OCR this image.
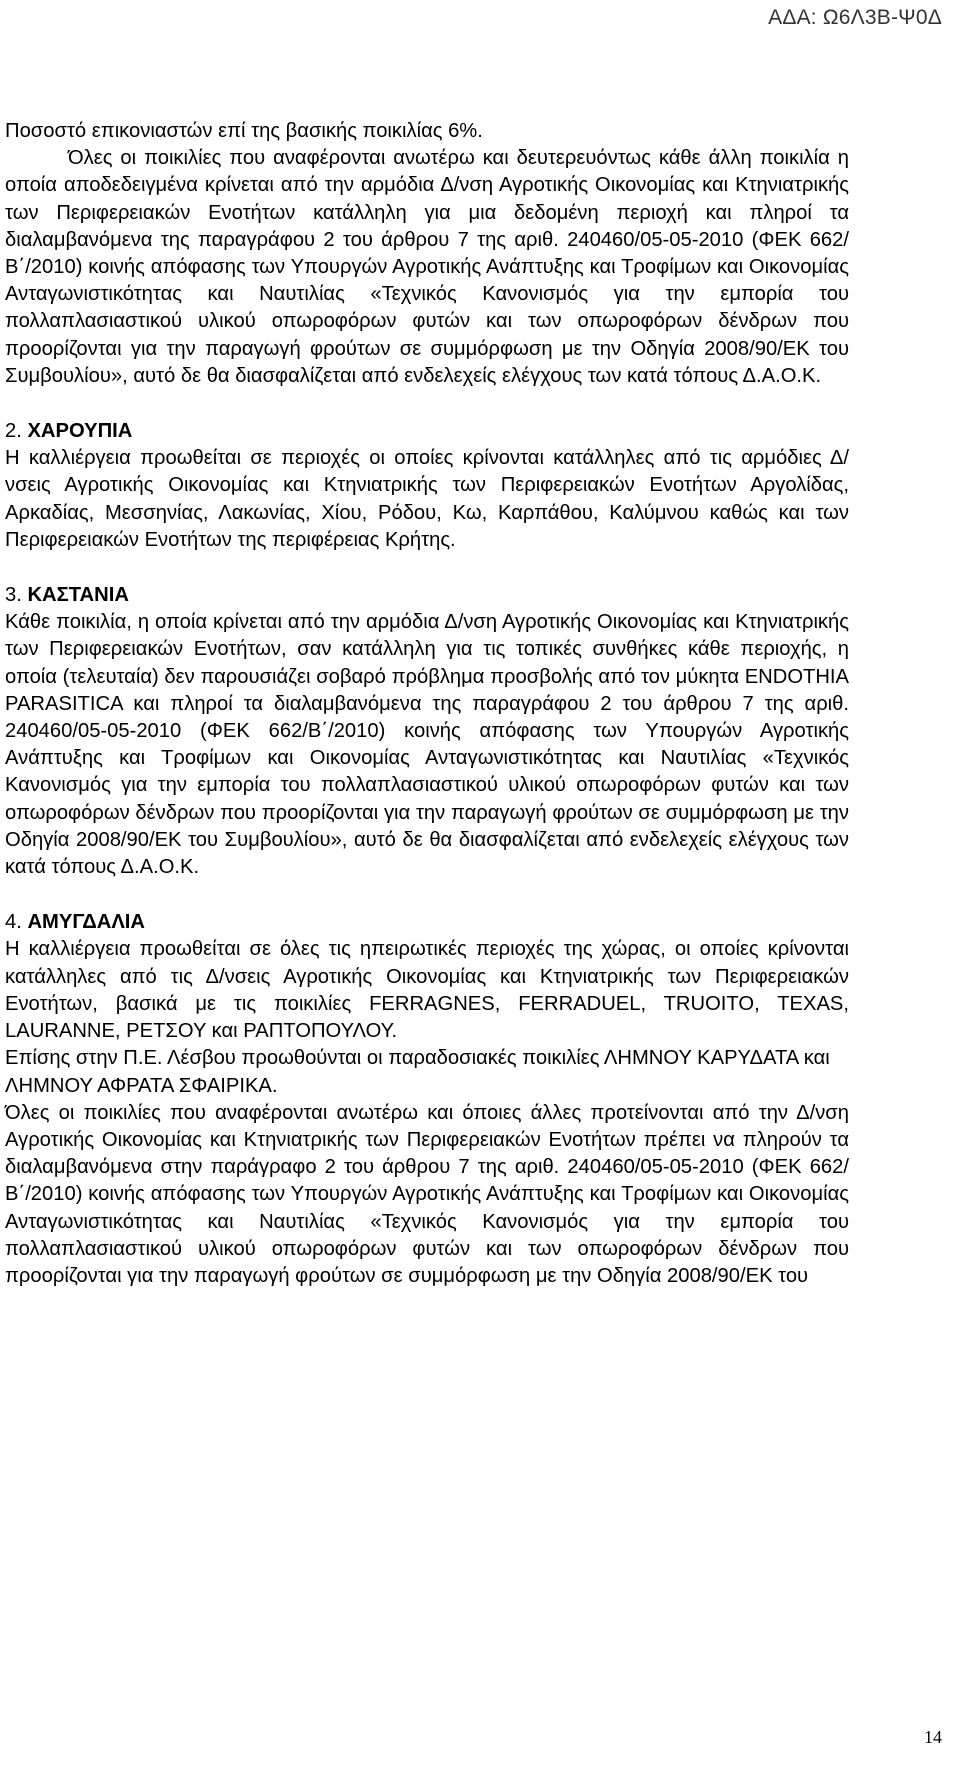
ΑΔΑ: Ω6Λ3Β-Ψ0Δ

Ποσοστό επικονιαστών επί της βασικής ποικιλίας 6%.

Όλες οι ποικιλίες που αναφέρονται ανωτέρω και δευτερευόντως κάθε άλλη ποικιλία η οποία αποδεδειγμένα κρίνεται από την αρμόδια Δ/νση Αγροτικής Οικονομίας και Κτηνιατρικής των Περιφερειακών Ενοτήτων κατάλληλη για μια δεδομένη περιοχή και πληροί τα διαλαμβανόμενα της παραγράφου 2 του άρθρου 7 της αριθ. 240460/05-05-2010 (ΦΕΚ 662/Β΄/2010) κοινής απόφασης των Υπουργών Αγροτικής Ανάπτυξης και Τροφίμων και Οικονομίας Ανταγωνιστικότητας και Ναυτιλίας «Τεχνικός Κανονισμός για την εμπορία του πολλαπλασιαστικού υλικού οπωροφόρων φυτών και των οπωροφόρων δένδρων που προορίζονται για την παραγωγή φρούτων σε συμμόρφωση με την Οδηγία 2008/90/ΕΚ του Συμβουλίου», αυτό δε θα διασφαλίζεται από ενδελεχείς ελέγχους των κατά τόπους Δ.Α.Ο.Κ.

2. ΧΑΡΟΥΠΙΑ

Η καλλιέργεια προωθείται σε περιοχές οι οποίες κρίνονται κατάλληλες από τις αρμόδιες Δ/νσεις Αγροτικής Οικονομίας και Κτηνιατρικής των Περιφερειακών Ενοτήτων Αργολίδας, Αρκαδίας, Μεσσηνίας, Λακωνίας, Χίου, Ρόδου, Κω, Καρπάθου, Καλύμνου καθώς και των Περιφερειακών Ενοτήτων της περιφέρειας Κρήτης.

3. ΚΑΣΤΑΝΙΑ

Κάθε ποικιλία, η οποία κρίνεται από την αρμόδια Δ/νση Αγροτικής Οικονομίας και Κτηνιατρικής των Περιφερειακών Ενοτήτων, σαν κατάλληλη για τις τοπικές συνθήκες κάθε περιοχής, η οποία (τελευταία) δεν παρουσιάζει σοβαρό πρόβλημα προσβολής από τον μύκητα ENDOTHIA PARASITICA και πληροί τα διαλαμβανόμενα της παραγράφου 2 του άρθρου 7 της αριθ. 240460/05-05-2010 (ΦΕΚ 662/Β΄/2010) κοινής απόφασης των Υπουργών Αγροτικής Ανάπτυξης και Τροφίμων και Οικονομίας Ανταγωνιστικότητας και Ναυτιλίας «Τεχνικός Κανονισμός για την εμπορία του πολλαπλασιαστικού υλικού οπωροφόρων φυτών και των οπωροφόρων δένδρων που προορίζονται για την παραγωγή φρούτων σε συμμόρφωση με την Οδηγία 2008/90/ΕΚ του Συμβουλίου», αυτό δε θα διασφαλίζεται από ενδελεχείς ελέγχους των κατά τόπους Δ.Α.Ο.Κ.

4. ΑΜΥΓΔΑΛΙΑ

Η καλλιέργεια προωθείται σε όλες τις ηπειρωτικές περιοχές της χώρας, οι οποίες κρίνονται κατάλληλες από τις Δ/νσεις Αγροτικής Οικονομίας και Κτηνιατρικής των Περιφερειακών Ενοτήτων, βασικά με τις ποικιλίες FERRAGNES, FERRADUEL, TRUOITO, TEXAS, LAURANNE, ΡΕΤΣΟΥ και ΡΑΠΤΟΠΟΥΛΟΥ.

Επίσης στην Π.Ε. Λέσβου προωθούνται οι παραδοσιακές ποικιλίες ΛΗΜΝΟΥ ΚΑΡΥΔΑΤΑ και ΛΗΜΝΟΥ ΑΦΡΑΤΑ ΣΦΑΙΡΙΚΑ.

Όλες οι ποικιλίες που αναφέρονται ανωτέρω και όποιες άλλες προτείνονται από την Δ/νση Αγροτικής Οικονομίας και Κτηνιατρικής των Περιφερειακών Ενοτήτων πρέπει να πληρούν τα διαλαμβανόμενα στην παράγραφο 2 του άρθρου 7 της αριθ. 240460/05-05-2010 (ΦΕΚ 662/Β΄/2010) κοινής απόφασης των Υπουργών Αγροτικής Ανάπτυξης και Τροφίμων και Οικονομίας Ανταγωνιστικότητας και Ναυτιλίας «Τεχνικός Κανονισμός για την εμπορία του πολλαπλασιαστικού υλικού οπωροφόρων φυτών και των οπωροφόρων δένδρων που προορίζονται για την παραγωγή φρούτων σε συμμόρφωση με την Οδηγία 2008/90/ΕΚ του

14
